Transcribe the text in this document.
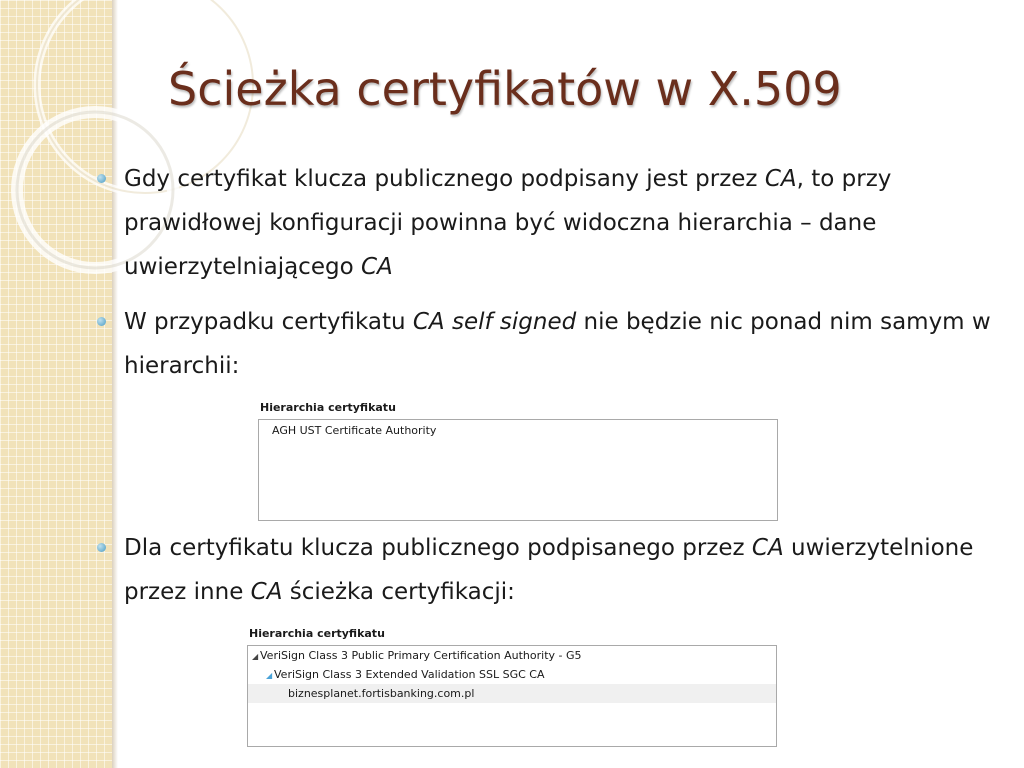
Ścieżka certyfikatów w X.509

Gdy certyfikat klucza publicznego podpisany jest przez CA, to przy prawidłowej konfiguracji powinna być widoczna hierarchia – dane uwierzytelniającego CA

W przypadku certyfikatu CA self signed nie będzie nic ponad nim samym w hierarchii:

Hierarchia certyfikatu
AGH UST Certificate Authority

Dla certyfikatu klucza publicznego podpisanego przez CA uwierzytelnione przez inne CA ścieżka certyfikacji:

Hierarchia certyfikatu
◢ VeriSign Class 3 Public Primary Certification Authority - G5
◢ VeriSign Class 3 Extended Validation SSL SGC CA
biznesplanet.fortisbanking.com.pl
